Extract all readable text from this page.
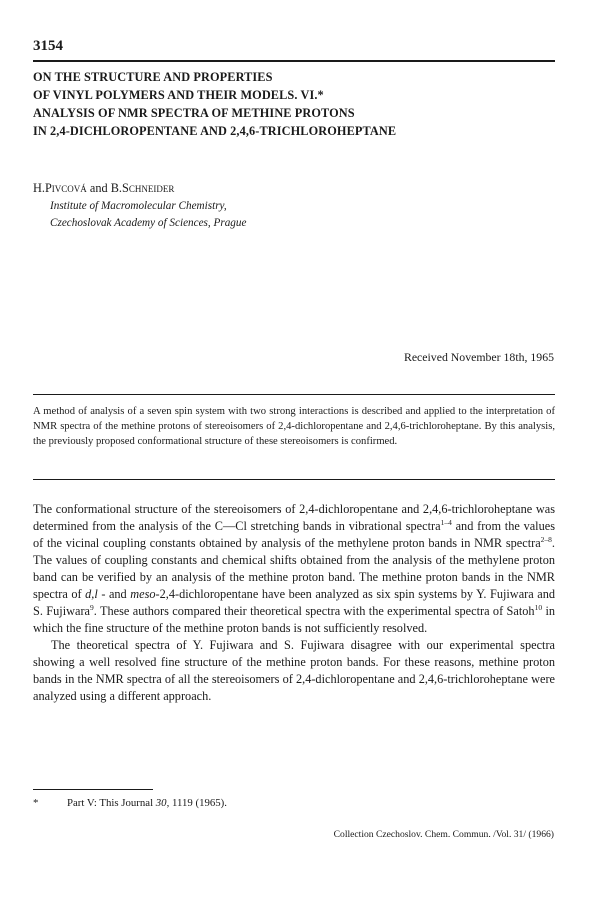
3154
ON THE STRUCTURE AND PROPERTIES
OF VINYL POLYMERS AND THEIR MODELS. VI.*
ANALYSIS OF NMR SPECTRA OF METHINE PROTONS
IN 2,4-DICHLOROPENTANE AND 2,4,6-TRICHLOROHEPTANE
H.Pivcová and B.Schneider
Institute of Macromolecular Chemistry,
Czechoslovak Academy of Sciences, Prague
Received November 18th, 1965
A method of analysis of a seven spin system with two strong interactions is described and applied to the interpretation of NMR spectra of the methine protons of stereoisomers of 2,4-dichloropentane and 2,4,6-trichloroheptane. By this analysis, the previously proposed conformational structure of these stereoisomers is confirmed.

The conformational structure of the stereoisomers of 2,4-dichloropentane and 2,4,6-trichloroheptane was determined from the analysis of the C—Cl stretching bands in vibrational spectra$^{1-4}$ and from the values of the vicinal coupling constants obtained by analysis of the methylene proton bands in NMR spectra$^{2-8}$. The values of coupling constants and chemical shifts obtained from the analysis of the methylene proton band can be verified by an analysis of the methine proton band. The methine proton bands in the NMR spectra of d,l - and meso-2,4-dichloropentane have been analyzed as six spin systems by Y. Fujiwara and S. Fujiwara$^9$. These authors compared their theoretical spectra with the experimental spectra of Satoh$^{10}$ in which the fine structure of the methine proton bands is not sufficiently resolved.

The theoretical spectra of Y. Fujiwara and S. Fujiwara disagree with our experimental spectra showing a well resolved fine structure of the methine proton bands. For these reasons, methine proton bands in the NMR spectra of all the stereoisomers of 2,4-dichloropentane and 2,4,6-trichloroheptane were analyzed using a different approach.

*	Part V: This Journal 30, 1119 (1965).
Collection Czechoslov. Chem. Commun. /Vol. 31/ (1966)
